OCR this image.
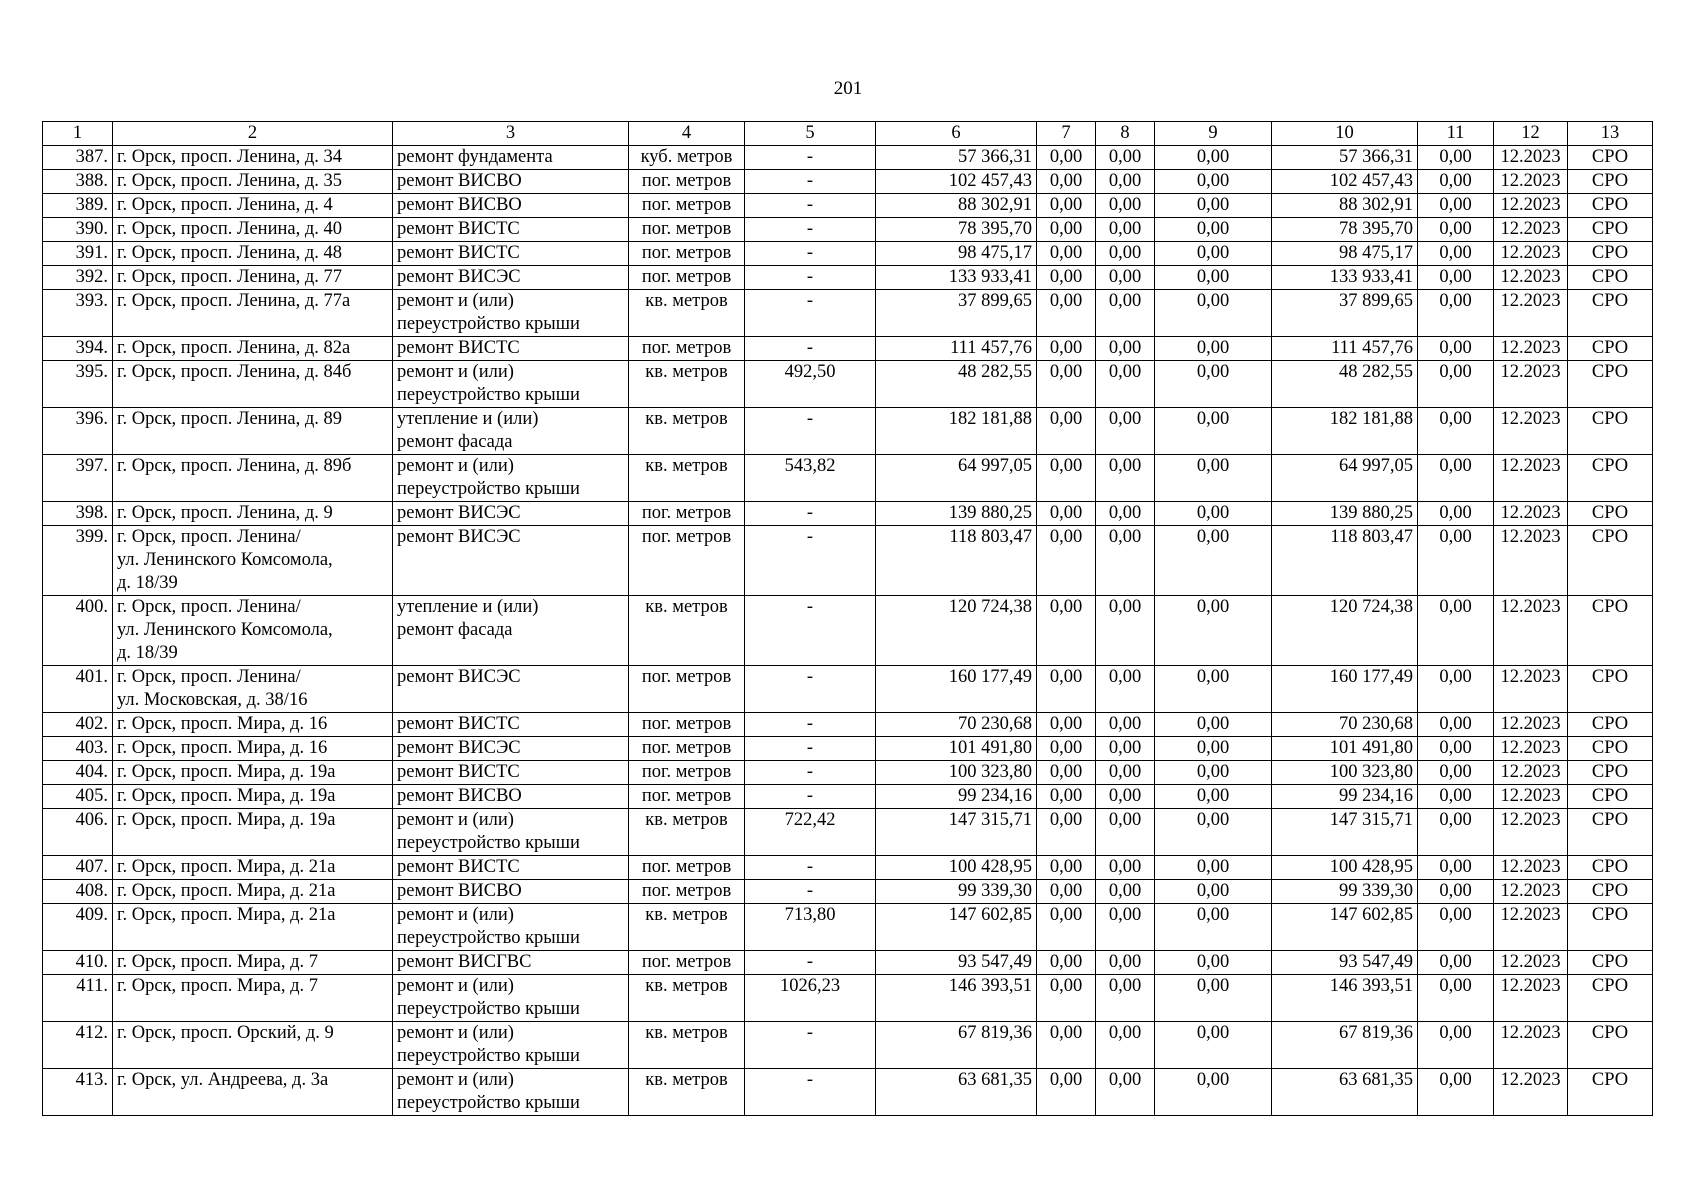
201
1	2	3	4	5	6	7	8	9	10	11	12	13
387.	г. Орск, просп. Ленина, д. 34	ремонт фундамента	куб. метров	-	57 366,31	0,00	0,00	0,00	57 366,31	0,00	12.2023	СРО
388.	г. Орск, просп. Ленина, д. 35	ремонт ВИСВО	пог. метров	-	102 457,43	0,00	0,00	0,00	102 457,43	0,00	12.2023	СРО
389.	г. Орск, просп. Ленина, д. 4	ремонт ВИСВО	пог. метров	-	88 302,91	0,00	0,00	0,00	88 302,91	0,00	12.2023	СРО
390.	г. Орск, просп. Ленина, д. 40	ремонт ВИСТС	пог. метров	-	78 395,70	0,00	0,00	0,00	78 395,70	0,00	12.2023	СРО
391.	г. Орск, просп. Ленина, д. 48	ремонт ВИСТС	пог. метров	-	98 475,17	0,00	0,00	0,00	98 475,17	0,00	12.2023	СРО
392.	г. Орск, просп. Ленина, д. 77	ремонт ВИСЭС	пог. метров	-	133 933,41	0,00	0,00	0,00	133 933,41	0,00	12.2023	СРО
393.	г. Орск, просп. Ленина, д. 77а	ремонт и (или)
переустройство крыши	кв. метров	-	37 899,65	0,00	0,00	0,00	37 899,65	0,00	12.2023	СРО
394.	г. Орск, просп. Ленина, д. 82а	ремонт ВИСТС	пог. метров	-	111 457,76	0,00	0,00	0,00	111 457,76	0,00	12.2023	СРО
395.	г. Орск, просп. Ленина, д. 84б	ремонт и (или)
переустройство крыши	кв. метров	492,50	48 282,55	0,00	0,00	0,00	48 282,55	0,00	12.2023	СРО
396.	г. Орск, просп. Ленина, д. 89	утепление и (или)
ремонт фасада	кв. метров	-	182 181,88	0,00	0,00	0,00	182 181,88	0,00	12.2023	СРО
397.	г. Орск, просп. Ленина, д. 89б	ремонт и (или)
переустройство крыши	кв. метров	543,82	64 997,05	0,00	0,00	0,00	64 997,05	0,00	12.2023	СРО
398.	г. Орск, просп. Ленина, д. 9	ремонт ВИСЭС	пог. метров	-	139 880,25	0,00	0,00	0,00	139 880,25	0,00	12.2023	СРО
399.	г. Орск, просп. Ленина/
ул. Ленинского Комсомола,
д. 18/39	ремонт ВИСЭС	пог. метров	-	118 803,47	0,00	0,00	0,00	118 803,47	0,00	12.2023	СРО
400.	г. Орск, просп. Ленина/
ул. Ленинского Комсомола,
д. 18/39	утепление и (или)
ремонт фасада	кв. метров	-	120 724,38	0,00	0,00	0,00	120 724,38	0,00	12.2023	СРО
401.	г. Орск, просп. Ленина/
ул. Московская, д. 38/16	ремонт ВИСЭС	пог. метров	-	160 177,49	0,00	0,00	0,00	160 177,49	0,00	12.2023	СРО
402.	г. Орск, просп. Мира, д. 16	ремонт ВИСТС	пог. метров	-	70 230,68	0,00	0,00	0,00	70 230,68	0,00	12.2023	СРО
403.	г. Орск, просп. Мира, д. 16	ремонт ВИСЭС	пог. метров	-	101 491,80	0,00	0,00	0,00	101 491,80	0,00	12.2023	СРО
404.	г. Орск, просп. Мира, д. 19а	ремонт ВИСТС	пог. метров	-	100 323,80	0,00	0,00	0,00	100 323,80	0,00	12.2023	СРО
405.	г. Орск, просп. Мира, д. 19а	ремонт ВИСВО	пог. метров	-	99 234,16	0,00	0,00	0,00	99 234,16	0,00	12.2023	СРО
406.	г. Орск, просп. Мира, д. 19а	ремонт и (или)
переустройство крыши	кв. метров	722,42	147 315,71	0,00	0,00	0,00	147 315,71	0,00	12.2023	СРО
407.	г. Орск, просп. Мира, д. 21а	ремонт ВИСТС	пог. метров	-	100 428,95	0,00	0,00	0,00	100 428,95	0,00	12.2023	СРО
408.	г. Орск, просп. Мира, д. 21а	ремонт ВИСВО	пог. метров	-	99 339,30	0,00	0,00	0,00	99 339,30	0,00	12.2023	СРО
409.	г. Орск, просп. Мира, д. 21а	ремонт и (или)
переустройство крыши	кв. метров	713,80	147 602,85	0,00	0,00	0,00	147 602,85	0,00	12.2023	СРО
410.	г. Орск, просп. Мира, д. 7	ремонт ВИСГВС	пог. метров	-	93 547,49	0,00	0,00	0,00	93 547,49	0,00	12.2023	СРО
411.	г. Орск, просп. Мира, д. 7	ремонт и (или)
переустройство крыши	кв. метров	1026,23	146 393,51	0,00	0,00	0,00	146 393,51	0,00	12.2023	СРО
412.	г. Орск, просп. Орский, д. 9	ремонт и (или)
переустройство крыши	кв. метров	-	67 819,36	0,00	0,00	0,00	67 819,36	0,00	12.2023	СРО
413.	г. Орск, ул. Андреева, д. 3а	ремонт и (или)
переустройство крыши	кв. метров	-	63 681,35	0,00	0,00	0,00	63 681,35	0,00	12.2023	СРО
